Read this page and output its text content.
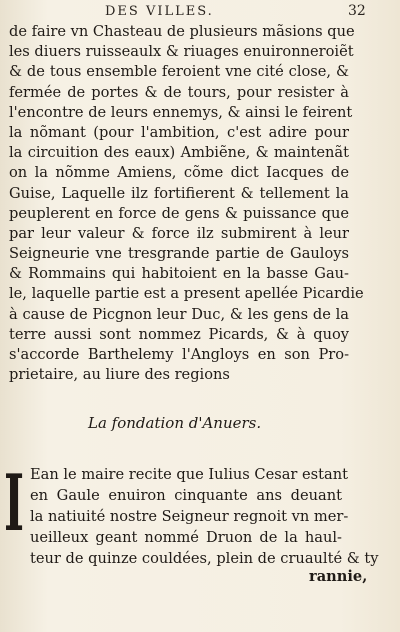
DES VILLES.	32
de faire vn Chasteau de plusieurs mãsions que
les diuers ruisseaulx & riuages enuironneroiẽt
& de tous ensemble feroient vne cité close, &
fermée de portes & de tours, pour resister à
l'encontre de leurs ennemys, & ainsi le feirent
la nõmant (pour l'ambition, c'est adire pour
la circuition des eaux) Ambiẽne, & maintenãt
on la nõmme Amiens, cõme dict Iacques de
Guise, Laquelle ilz fortifierent & tellement la
peuplerent en force de gens & puissance que
par leur valeur & force ilz submirent à leur
Seigneurie vne tresgrande partie de Gauloys
& Rommains qui habitoient en la basse Gau-
le, laquelle partie est a present apellée Picardie
à cause de Picgnon leur Duc, & les gens de la
terre aussi sont nommez Picards, & à quoy
s'accorde Barthelemy l'Angloys en son Pro-
prietaire, au liure des regions
La fondation d'Anuers.
I Ean le maire recite que Iulius Cesar estant
en Gaule enuiron cinquante ans deuant
la natiuité nostre Seigneur regnoit vn mer-
ueilleux geant nommé Druon de la haul-
teur de quinze couldées, plein de cruaulté & ty
rannie,
